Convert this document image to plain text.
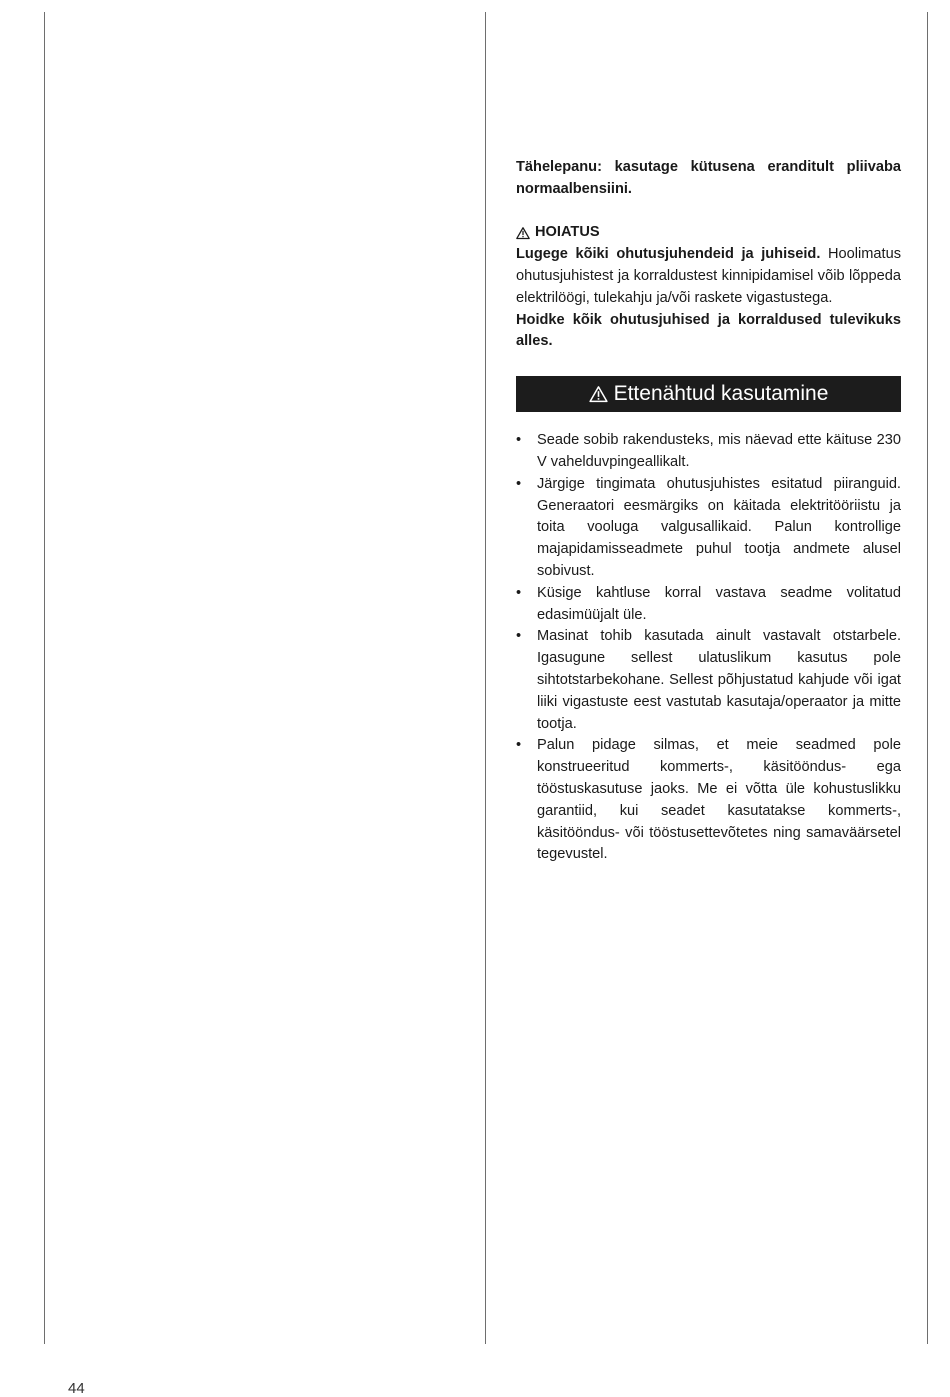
Tähelepanu: kasutage kütusena eranditult pliivaba normaalbensiini.

HOIATUS

Lugege kõiki ohutusjuhendeid ja juhiseid. Hoolimatus ohutusjuhistest ja korraldustest kinnipidamisel võib lõppeda elektrilöögi, tulekahju ja/või raskete vigastustega.

Hoidke kõik ohutusjuhised ja korraldused tulevikuks alles.

Ettenähtud kasutamine
• Seade sobib rakendusteks, mis näevad ette käituse 230 V vahelduvpingeallikalt.
• Järgige tingimata ohutusjuhistes esitatud piiranguid. Generaatori eesmärgiks on käitada elektritööriistu ja toita vooluga valgusallikaid. Palun kontrollige majapidamisseadmete puhul tootja andmete alusel sobivust.
• Küsige kahtluse korral vastava seadme volitatud edasimüüjalt üle.
• Masinat tohib kasutada ainult vastavalt otstarbele. Igasugune sellest ulatuslikum kasutus pole sihtotstarbekohane. Sellest põhjustatud kahjude või igat liiki vigastuste eest vastutab kasutaja/operaator ja mitte tootja.
• Palun pidage silmas, et meie seadmed pole konstrueeritud kommerts-, käsitööndus- ega tööstuskasutuse jaoks. Me ei võtta üle kohustuslikku garantiid, kui seadet kasutatakse kommerts-, käsitööndus- või tööstusettevõtetes ning samaväärsetel tegevustel.
44
